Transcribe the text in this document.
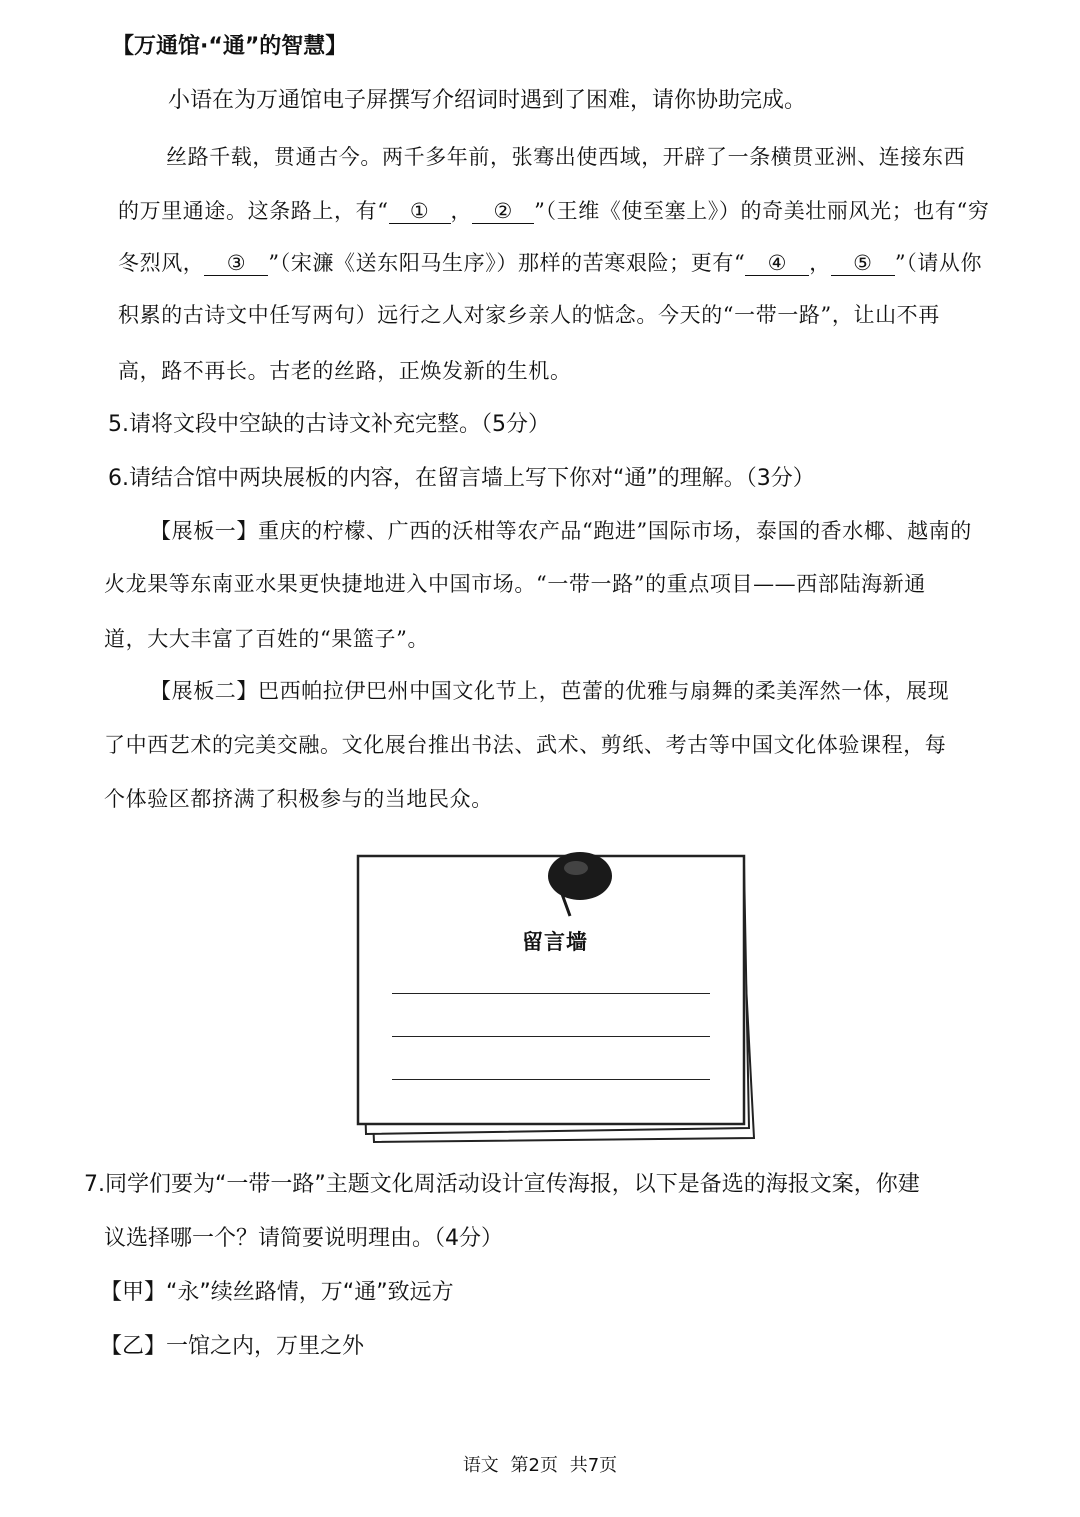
【万通馆·“通”的智慧】
小语在为万通馆电子屏撰写介绍词时遇到了困难，请你协助完成。
丝路千载，贯通古今。两千多年前，张骞出使西域，开辟了一条横贯亚洲、连接东西
的万里通途。这条路上，有“ ① ， ② ”（王维《使至塞上》）的奇美壮丽风光；也有“穷
冬烈风， ③ ”（宋濂《送东阳马生序》）那样的苦寒艰险；更有“ ④ ， ⑤ ”（请从你
积累的古诗文中任写两句）远行之人对家乡亲人的惦念。今天的“一带一路”，让山不再
高，路不再长。古老的丝路，正焕发新的生机。
5.请将文段中空缺的古诗文补充完整。（5分）
6.请结合馆中两块展板的内容，在留言墙上写下你对“通”的理解。（3分）
【展板一】重庆的柠檬、广西的沃柑等农产品“跑进”国际市场，泰国的香水椰、越南的
火龙果等东南亚水果更快捷地进入中国市场。“一带一路”的重点项目——西部陆海新通
道，大大丰富了百姓的“果篮子”。
【展板二】巴西帕拉伊巴州中国文化节上，芭蕾的优雅与扇舞的柔美浑然一体，展现
了中西艺术的完美交融。文化展台推出书法、武术、剪纸、考古等中国文化体验课程，每
个体验区都挤满了积极参与的当地民众。
留言墙
7.同学们要为“一带一路”主题文化周活动设计宣传海报，以下是备选的海报文案，你建
议选择哪一个？请简要说明理由。（4分）
【甲】“永”续丝路情，万“通”致远方
【乙】一馆之内，万里之外
语文 第2页 共7页
